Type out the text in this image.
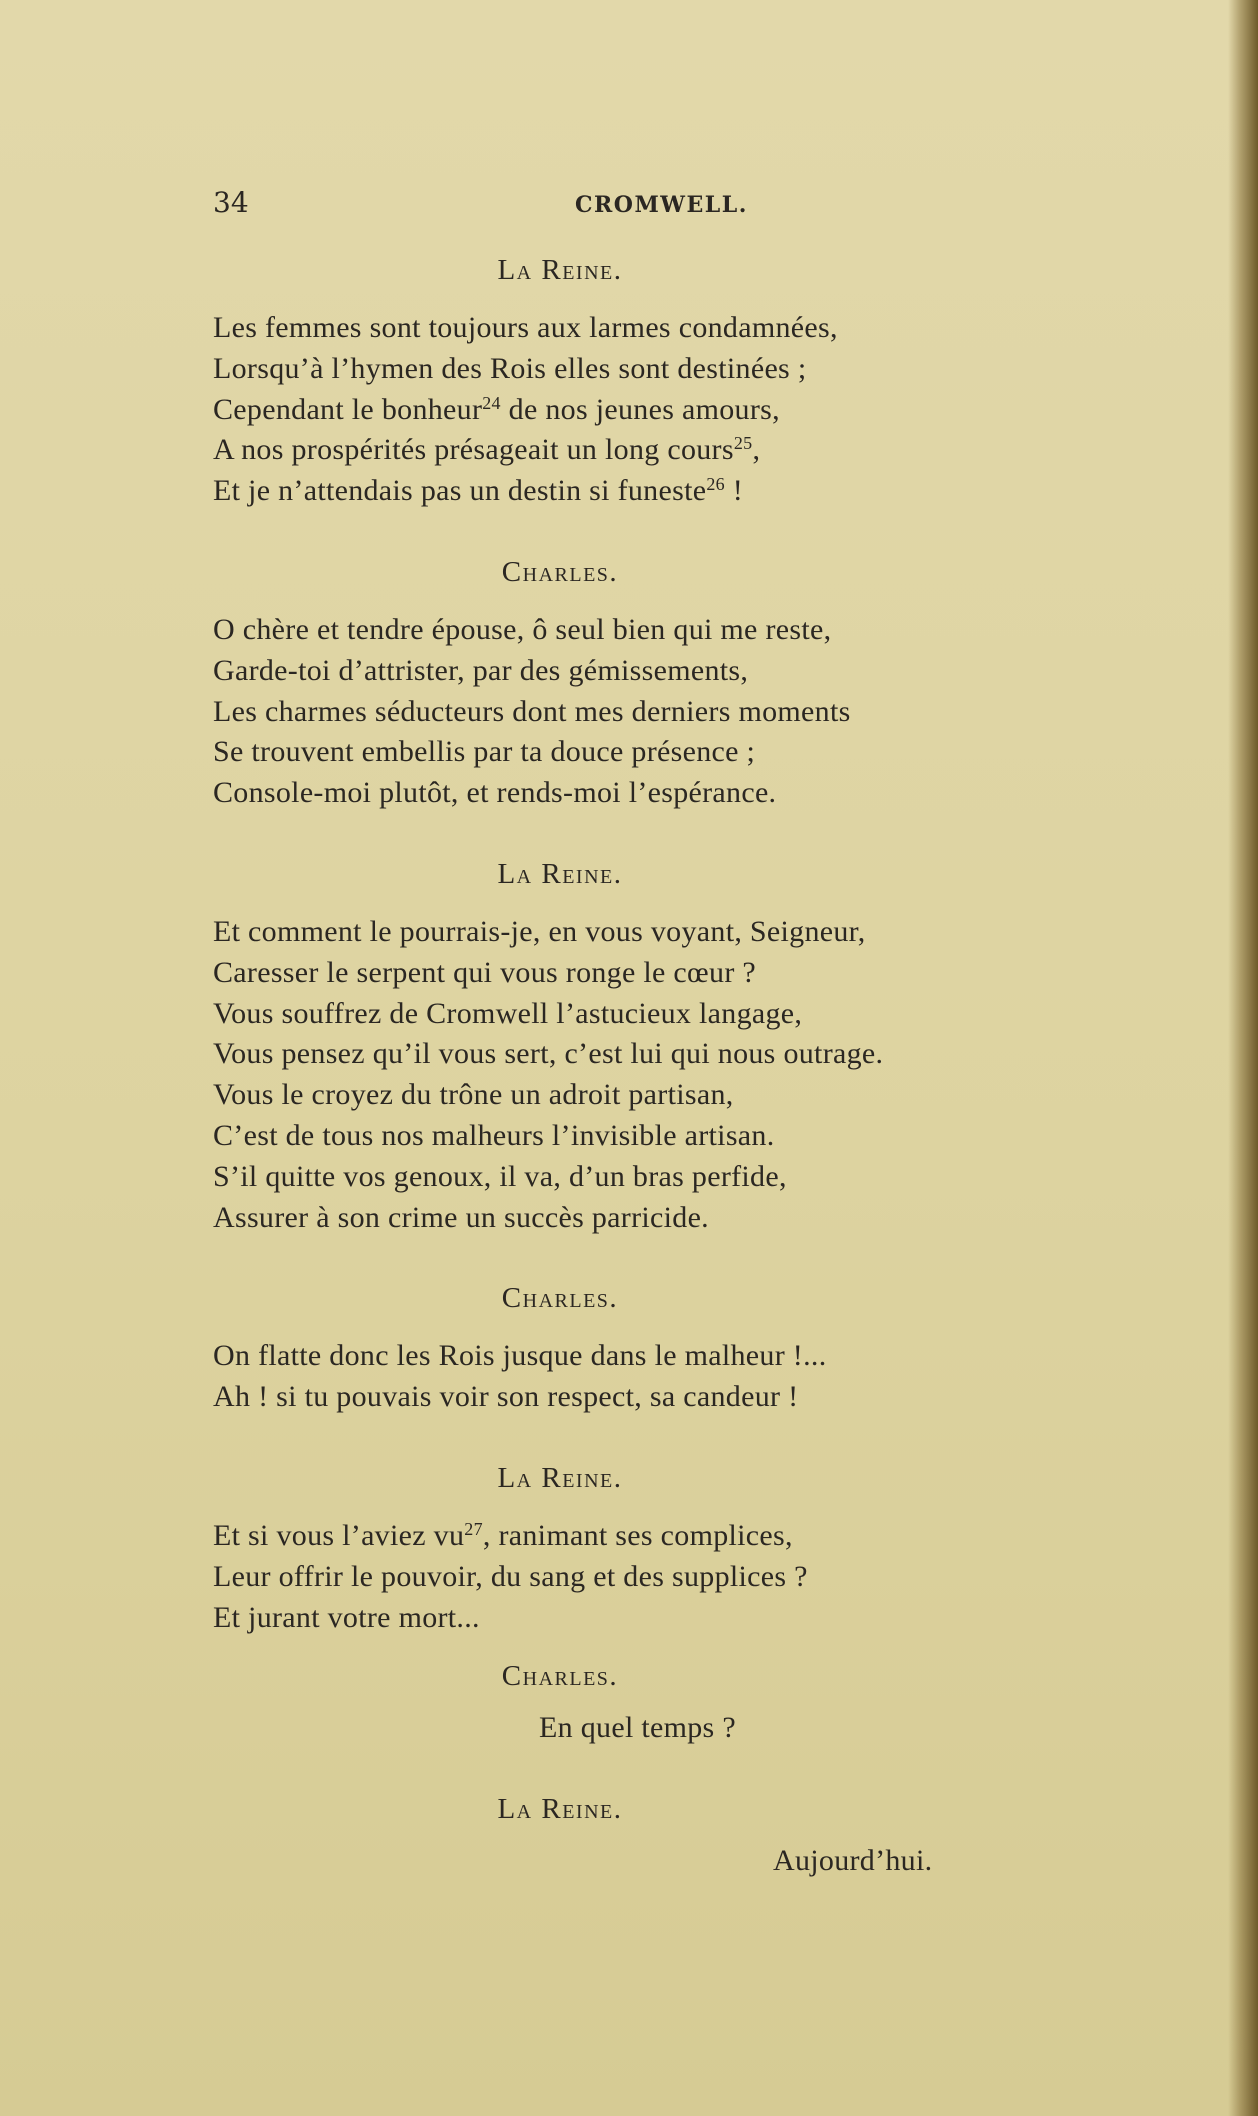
34	CROMWELL.
La Reine.
Les femmes sont toujours aux larmes condamnées,
Lorsqu’à l’hymen des Rois elles sont destinées ;
Cependant le bonheur$^{24}$ de nos jeunes amours,
A nos prospérités présageait un long cours$^{25}$,
Et je n’attendais pas un destin si funeste$^{26}$ !
Charles.
O chère et tendre épouse, ô seul bien qui me reste,
Garde-toi d’attrister, par des gémissements,
Les charmes séducteurs dont mes derniers moments
Se trouvent embellis par ta douce présence ;
Console-moi plutôt, et rends-moi l’espérance.
La Reine.
Et comment le pourrais-je, en vous voyant, Seigneur,
Caresser le serpent qui vous ronge le cœur ?
Vous souffrez de Cromwell l’astucieux langage,
Vous pensez qu’il vous sert, c’est lui qui nous outrage.
Vous le croyez du trône un adroit partisan,
C’est de tous nos malheurs l’invisible artisan.
S’il quitte vos genoux, il va, d’un bras perfide,
Assurer à son crime un succès parricide.
Charles.
On flatte donc les Rois jusque dans le malheur !...
Ah ! si tu pouvais voir son respect, sa candeur !
La Reine.
Et si vous l’aviez $vu^{27}$, ranimant ses complices,
Leur offrir le pouvoir, du sang et des supplices ?
Et jurant votre mort...
Charles.
En quel temps ?
La Reine.
Aujourd’hui.
